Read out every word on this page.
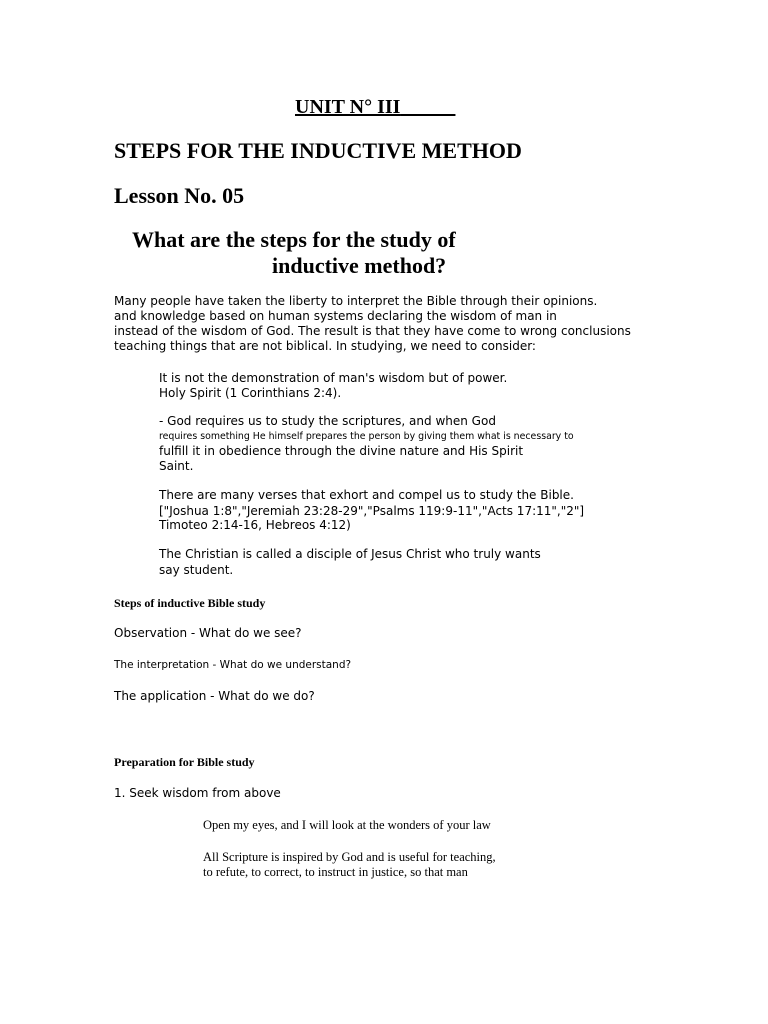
UNIT N° III
STEPS FOR THE INDUCTIVE METHOD
Lesson No. 05
What are the steps for the study of
inductive method?
Many people have taken the liberty to interpret the Bible through their opinions.
and knowledge based on human systems declaring the wisdom of man in
instead of the wisdom of God. The result is that they have come to wrong conclusions
teaching things that are not biblical. In studying, we need to consider:
It is not the demonstration of man's wisdom but of power.
Holy Spirit (1 Corinthians 2:4).
- God requires us to study the scriptures, and when God
requires something He himself prepares the person by giving them what is necessary to
fulfill it in obedience through the divine nature and His Spirit
Saint.
There are many verses that exhort and compel us to study the Bible.
["Joshua 1:8","Jeremiah 23:28-29","Psalms 119:9-11","Acts 17:11","2"]
Timoteo 2:14-16, Hebreos 4:12)
The Christian is called a disciple of Jesus Christ who truly wants
say student.
Steps of inductive Bible study
Observation - What do we see?
The interpretation - What do we understand?
The application - What do we do?
Preparation for Bible study
1. Seek wisdom from above
Open my eyes, and I will look at the wonders of your law
All Scripture is inspired by God and is useful for teaching,
to refute, to correct, to instruct in justice, so that man
